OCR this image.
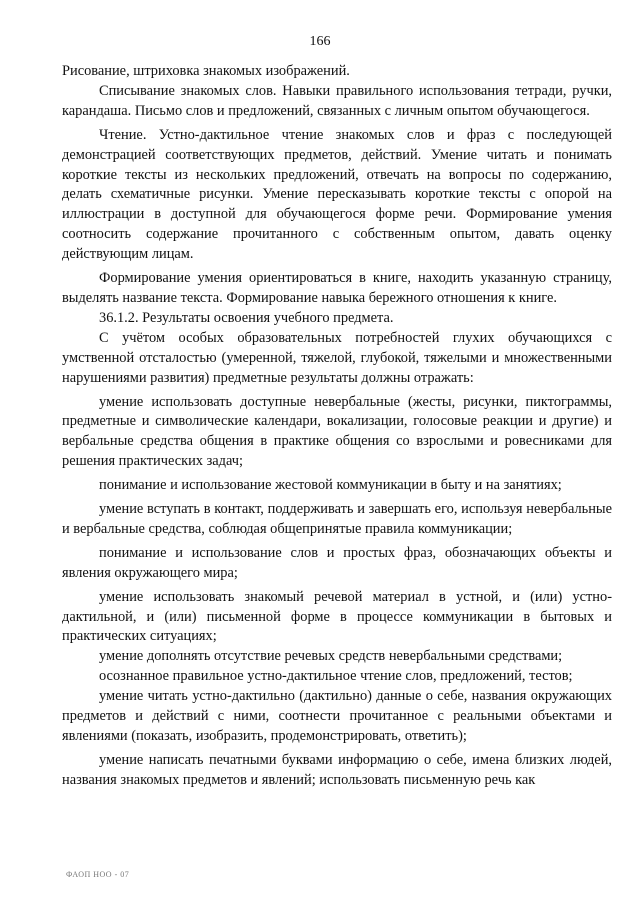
166

Рисование, штриховка знакомых изображений.

Списывание знакомых слов. Навыки правильного использования тетради, ручки, карандаша. Письмо слов и предложений, связанных с личным опытом обучающегося.

Чтение. Устно-дактильное чтение знакомых слов и фраз с последующей демонстрацией соответствующих предметов, действий. Умение читать и понимать короткие тексты из нескольких предложений, отвечать на вопросы по содержанию, делать схематичные рисунки. Умение пересказывать короткие тексты с опорой на иллюстрации в доступной для обучающегося форме речи. Формирование умения соотносить содержание прочитанного с собственным опытом, давать оценку действующим лицам.

Формирование умения ориентироваться в книге, находить указанную страницу, выделять название текста. Формирование навыка бережного отношения к книге.

36.1.2. Результаты освоения учебного предмета.

С учётом особых образовательных потребностей глухих обучающихся с умственной отсталостью (умеренной, тяжелой, глубокой, тяжелыми и множественными нарушениями развития) предметные результаты должны отражать:

умение использовать доступные невербальные (жесты, рисунки, пиктограммы, предметные и символические календари, вокализации, голосовые реакции и другие) и вербальные средства общения в практике общения со взрослыми и ровесниками для решения практических задач;

понимание и использование жестовой коммуникации в быту и на занятиях;

умение вступать в контакт, поддерживать и завершать его, используя невербальные и вербальные средства, соблюдая общепринятые правила коммуникации;

понимание и использование слов и простых фраз, обозначающих объекты и явления окружающего мира;

умение использовать знакомый речевой материал в устной, и (или) устно-дактильной, и (или) письменной форме в процессе коммуникации в бытовых и практических ситуациях;

умение дополнять отсутствие речевых средств невербальными средствами;

осознанное правильное устно-дактильное чтение слов, предложений, тестов;

умение читать устно-дактильно (дактильно) данные о себе, названия окружающих предметов и действий с ними, соотнести прочитанное с реальными объектами и явлениями (показать, изобразить, продемонстрировать, ответить);

умение написать печатными буквами информацию о себе, имена близких людей, названия знакомых предметов и явлений; использовать письменную речь как

ФАОП НОО - 07
